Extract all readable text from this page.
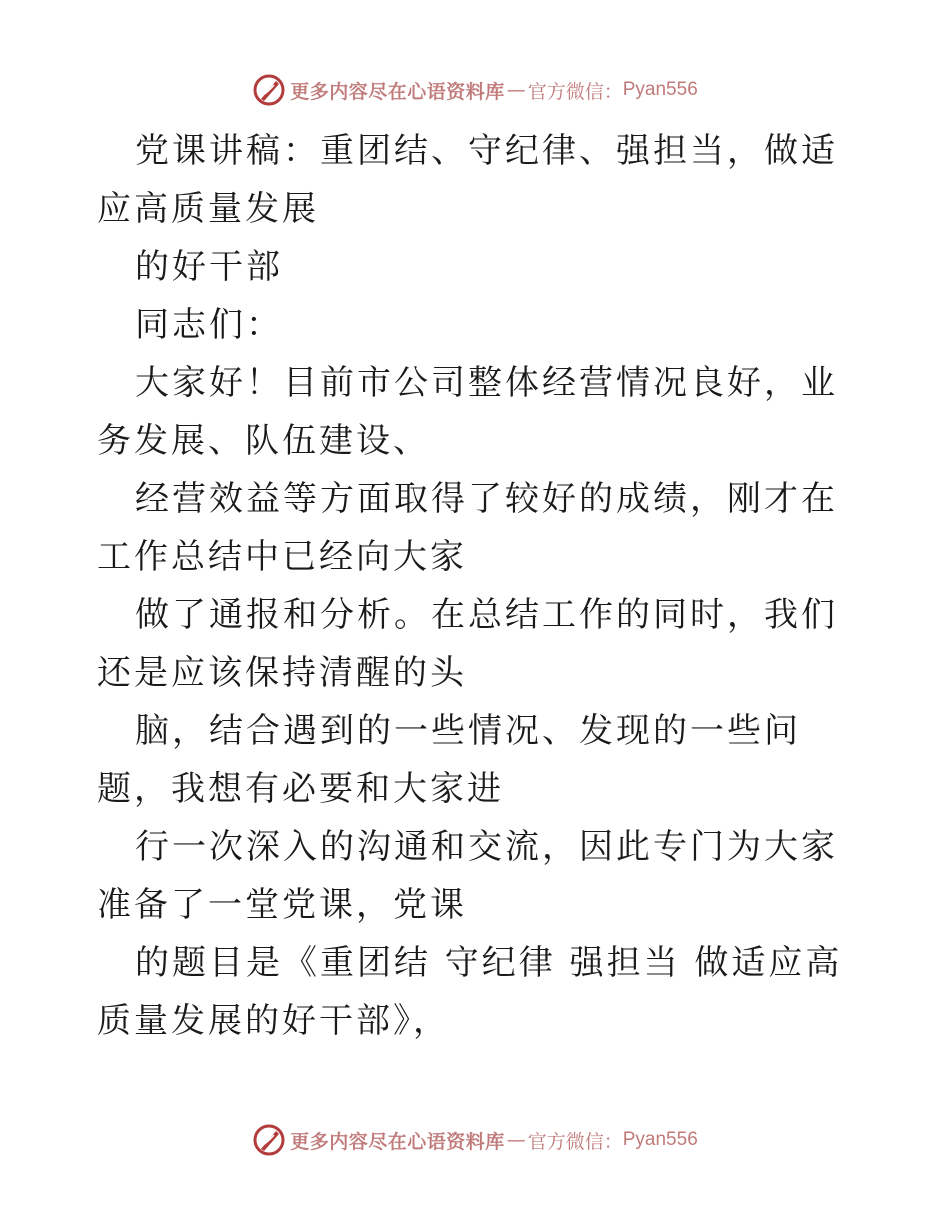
更多内容尽在心语资料库 — 官方微信： Pyan556

党课讲稿：重团结、守纪律、强担当，做适应高质量发展

的好干部

同志们：

大家好！目前市公司整体经营情况良好，业务发展、队伍建设、

经营效益等方面取得了较好的成绩，刚才在工作总结中已经向大家

做了通报和分析。在总结工作的同时，我们还是应该保持清醒的头

脑，结合遇到的一些情况、发现的一些问题，我想有必要和大家进

行一次深入的沟通和交流，因此专门为大家准备了一堂党课，党课

的题目是《重团结 守纪律 强担当 做适应高质量发展的好干部》，

更多内容尽在心语资料库 — 官方微信： Pyan556
